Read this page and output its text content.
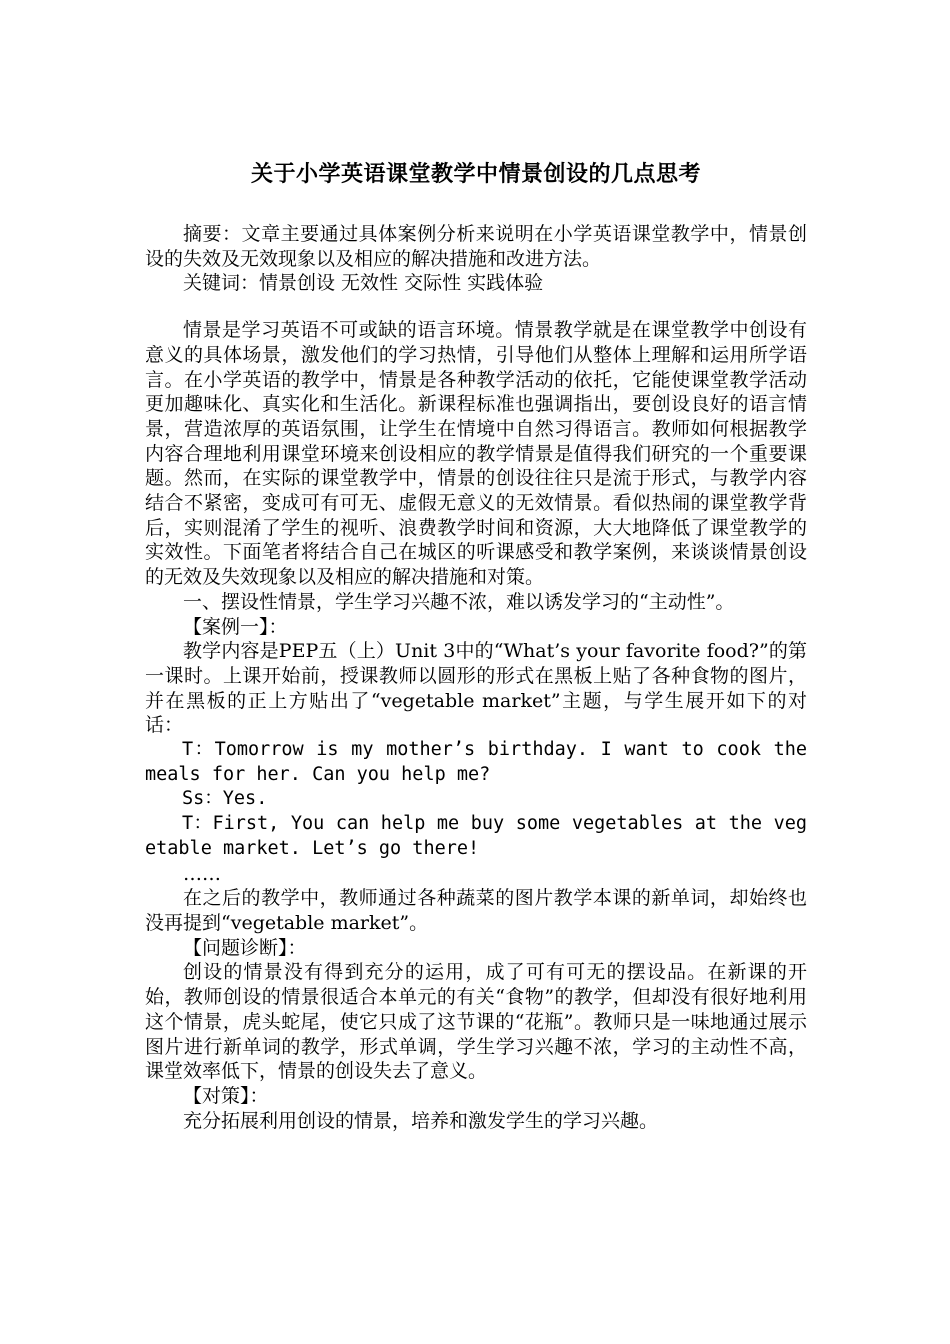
关于小学英语课堂教学中情景创设的几点思考

摘要：文章主要通过具体案例分析来说明在小学英语课堂教学中，情景创设的失效及无效现象以及相应的解决措施和改进方法。

关键词：情景创设 无效性 交际性 实践体验

情景是学习英语不可或缺的语言环境。情景教学就是在课堂教学中创设有意义的具体场景，激发他们的学习热情，引导他们从整体上理解和运用所学语言。在小学英语的教学中，情景是各种教学活动的依托，它能使课堂教学活动更加趣味化、真实化和生活化。新课程标准也强调指出，要创设良好的语言情景，营造浓厚的英语氛围，让学生在情境中自然习得语言。教师如何根据教学内容合理地利用课堂环境来创设相应的教学情景是值得我们研究的一个重要课题。然而，在实际的课堂教学中，情景的创设往往只是流于形式，与教学内容结合不紧密，变成可有可无、虚假无意义的无效情景。看似热闹的课堂教学背后，实则混淆了学生的视听、浪费教学时间和资源，大大地降低了课堂教学的实效性。下面笔者将结合自己在城区的听课感受和教学案例，来谈谈情景创设的无效及失效现象以及相应的解决措施和对策。

一、摆设性情景，学生学习兴趣不浓，难以诱发学习的“主动性”。

【案例一】：

教学内容是PEP五（上）Unit 3中的“What’s your favorite food?”的第一课时。上课开始前，授课教师以圆形的形式在黑板上贴了各种食物的图片，并在黑板的正上方贴出了“vegetable market”主题，与学生展开如下的对话：

T：Tomorrow is my mother’s birthday. I want to cook the meals for her. Can you help me?

Ss：Yes.

T：First, You can help me buy some vegetables at the vegetable market. Let’s go there!

……

在之后的教学中，教师通过各种蔬菜的图片教学本课的新单词，却始终也没再提到“vegetable market”。

【问题诊断】：

创设的情景没有得到充分的运用，成了可有可无的摆设品。在新课的开始，教师创设的情景很适合本单元的有关“食物”的教学，但却没有很好地利用这个情景，虎头蛇尾，使它只成了这节课的“花瓶”。教师只是一味地通过展示图片进行新单词的教学，形式单调，学生学习兴趣不浓，学习的主动性不高，课堂效率低下，情景的创设失去了意义。

【对策】：

充分拓展利用创设的情景，培养和激发学生的学习兴趣。
